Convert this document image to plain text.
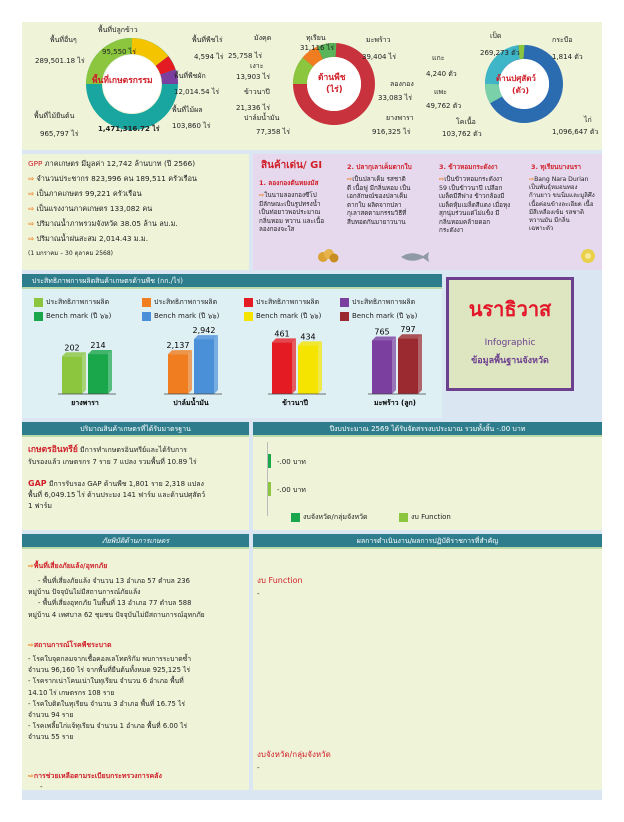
พื้นที่เกษตรกรรม
1,471,316.72 ไร่
พื้นที่อื่นๆ
289,501.18 ไร่
พื้นที่ปลูกข้าว
95,550 ไร่
พื้นที่พืชไร่
4,594 ไร่
พื้นที่พืชผัก
12,014.54 ไร่
พื้นที่ไม้ผล
103,860 ไร่
พื้นที่ไม้ยืนต้น
965,797 ไร่
ด้านพืช
(ไร่)
มังคุด
25,758 ไร่
ทุเรียน
31,116 ไร่
มะพร้าว
39,404 ไร่
เงาะ
13,903 ไร่
ลองกอง
33,083 ไร่
ข้าวนาปี
21,336 ไร่
ปาล์มน้ำมัน
77,358 ไร่
ยางพารา
916,325 ไร่
ด้านปศุสัตว์
(ตัว)
เป็ด
269,273 ตัว
กระบือ
1,814 ตัว
แกะ
4,240 ตัว
แพะ
49,762 ตัว
โคเนื้อ
103,762 ตัว
ไก่
1,096,647 ตัว
GPP ภาคเกษตร มีมูลค่า 12,742 ล้านบาท (ปี 2566)
⇨ จำนวนประชากร 823,996 คน 189,511 ครัวเรือน
⇨ เป็นภาคเกษตร 99,221 ครัวเรือน
⇨ เป็นแรงงานภาคเกษตร 133,082 คน
⇨ ปริมาณน้ำภาพรวมจังหวัด 38.05 ล้าน ลบ.ม.
⇨ ปริมาณน้ำฝนสะสม 2,014.43 ม.ม.
(1 มกราคม – 30 ตุลาคม 2568)
สินค้าเด่น/ GI
1. ลองกองตันหยงมัส
⇨ในนามลองกองซีโป
มีลักษณะเป็นรูปทรงน้ำ
เป็นท่อยาวพอประมาณ
กลิ่นหอม หวาน และเนื้อ
ลองกองจะใส
2. ปลากุเลาเค็มตากใบ
⇨เป็นปลาเค็ม รสชาติ
ดี เนื้อฟู มีกลิ่นหอม เป็น
เอกลักษณ์ของปลาเค็ม
ตากใบ ผลิตจากปลา
กุเลาสดตามกรรมวิธีที่
สืบทอดกันมายาวนาน
3. ข้าวหอมกระดังงา
⇨เป็นข้าวหอมกระดังงา
59 เป็นข้าวนาปี เปลือก
เมล็ดมีสีฟาง ข้าวกล้องมี
เมล็ดหุ้มเมล็ดสีแดง เมื่อหุง
สุกนุ่มร่วนแต่ไม่แข็ง มี
กลิ่นหอมคล้ายดอก
กระดังงา
3. ทุเรียนบางนรา
⇨Bang Nara Durian
เป็นพันธุ์หมอนทอง
ก้านยาว ขนนิ่มและมูลิศึง
เนื้อค่อนข้างละเอียด เนื้อ
มีสีเหลืองเข้ม รสชาติ
หวานมัน มีกลิ่น
เฉพาะตัว
ประสิทธิภาพการผลิตสินค้าเกษตรด้านพืช (กก./ไร่)
ประสิทธิภาพการผลิต	ประสิทธิภาพการผลิต	ประสิทธิภาพการผลิต	ประสิทธิภาพการผลิต
Bench mark (ปี ๖๖)	Bench mark (ปี ๖๖)	Bench mark (ปี ๖๖)	Bench mark (ปี ๖๖)
202 214
ยางพารา
2,137
2,942
ปาล์มน้ำมัน
461 434
ข้าวนาปี
765 797
มะพร้าว (ลูก)
นราธิวาส
Infographic
ข้อมูลพื้นฐานจังหวัด
ปริมาณสินค้าเกษตรที่ได้รับมาตรฐาน
เกษตรอินทรีย์ มีการทำเกษตรอินทรีย์และได้รับการ
รับรองแล้ว เกษตรกร 7 ราย 7 แปลง รวมพื้นที่ 10.89 ไร่
GAP มีการรับรอง GAP ด้านพืช 1,801 ราย 2,318 แปลง
พื้นที่ 6,049.15 ไร่ ด้านประมง 141 ฟาร์ม และด้านปศุสัตว์
1 ฟาร์ม
ปีงบประมาณ 2569 ได้รับจัดสรรงบประมาณ รวมทั้งสิ้น -.00 บาท
-.00 บาท
-.00 บาท
งบจังหวัด/กลุ่มจังหวัด	งบ Function
ภัยพิบัติด้านการเกษตร
⇨พื้นที่เสี่ยงภัยแล้ง/อุทกภัย
- พื้นที่เสี่ยงภัยแล้ง จำนวน 13 อำเภอ 57 ตำบล 236
หมู่บ้าน ปัจจุบันไม่มีสถานการณ์ภัยแล้ง
- พื้นที่เสี่ยงอุทกภัย ในพื้นที่ 13 อำเภอ 77 ตำบล 588
หมู่บ้าน 4 เทศบาล 62 ชุมชน ปัจจุบันไม่มีสถานการณ์อุทกภัย
⇨สถานการณ์โรคพืชระบาด
- โรคใบจุดกลมจากเชื้อคอลเลโทตริกัม พบการระบาดซ้ำ
จำนวน 96,160 ไร่ จากพื้นที่ยืนต้นทั้งหมด 925,125 ไร่
- โรครากเน่าโคนเน่าในทุเรียน จำนวน 6 อำเภอ พื้นที่
14.10 ไร่ เกษตรกร 108 ราย
- โรคใบติดในทุเรียน จำนวน 3 อำเภอ พื้นที่ 16.75 ไร่
จำนวน 94 ราย
- โรคเพลี้ยไก่แจ้ทุเรียน จำนวน 1 อำเภอ พื้นที่ 6.00 ไร่
จำนวน 55 ราย
⇨การช่วยเหลือตามระเบียบกระทรวงการคลัง
-
ผลการดำเนินงาน/ผลการปฏิบัติราชการที่สำคัญ
งบ Function
-
งบจังหวัด/กลุ่มจังหวัด
-
